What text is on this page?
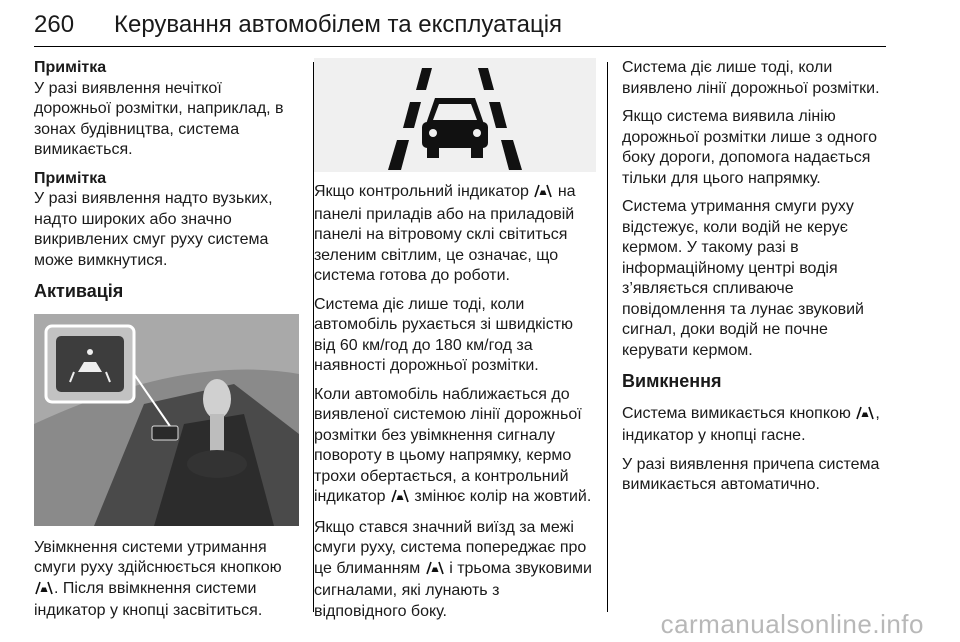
260 Керування автомобілем та експлуатація
Примітка

У разі виявлення нечіткої дорожньої розмітки, наприклад, в зонах будівництва, система вимикається.

Примітка

У разі виявлення надто вузьких, надто широких або значно викривлених смуг руху система може вимкнутися.

Активація

Увімкнення системи утримання смуги руху здійснюється кнопкою . Після ввімкнення системи індикатор у кнопці засвітиться.

Якщо контрольний індикатор на панелі приладів або на приладовій панелі на вітровому склі світиться зеленим світлим, це означає, що система готова до роботи.

Система діє лише тоді, коли автомобіль рухається зі швидкістю від 60 км/год до 180 км/год за наявності дорожньої розмітки.

Коли автомобіль наближається до виявленої системою лінії дорожньої розмітки без увімкнення сигналу повороту в цьому напрямку, кермо трохи обертається, а контрольний індикатор змінює колір на жовтий.

Якщо стався значний виїзд за межі смуги руху, система попереджає про це блиманням і трьома звуковими сигналами, які лунають з відповідного боку.

Система діє лише тоді, коли виявлено лінії дорожньої розмітки.

Якщо система виявила лінію дорожньої розмітки лише з одного боку дороги, допомога надається тільки для цього напрямку.

Система утримання смуги руху відстежує, коли водій не керує кермом. У такому разі в інформаційному центрі водія з’являється спливаюче повідомлення та лунає звуковий сигнал, доки водій не почне керувати кермом.

Вимкнення

Система вимикається кнопкою , індикатор у кнопці гасне.

У разі виявлення причепа система вимикається автоматично.

carmanualsonline.info
